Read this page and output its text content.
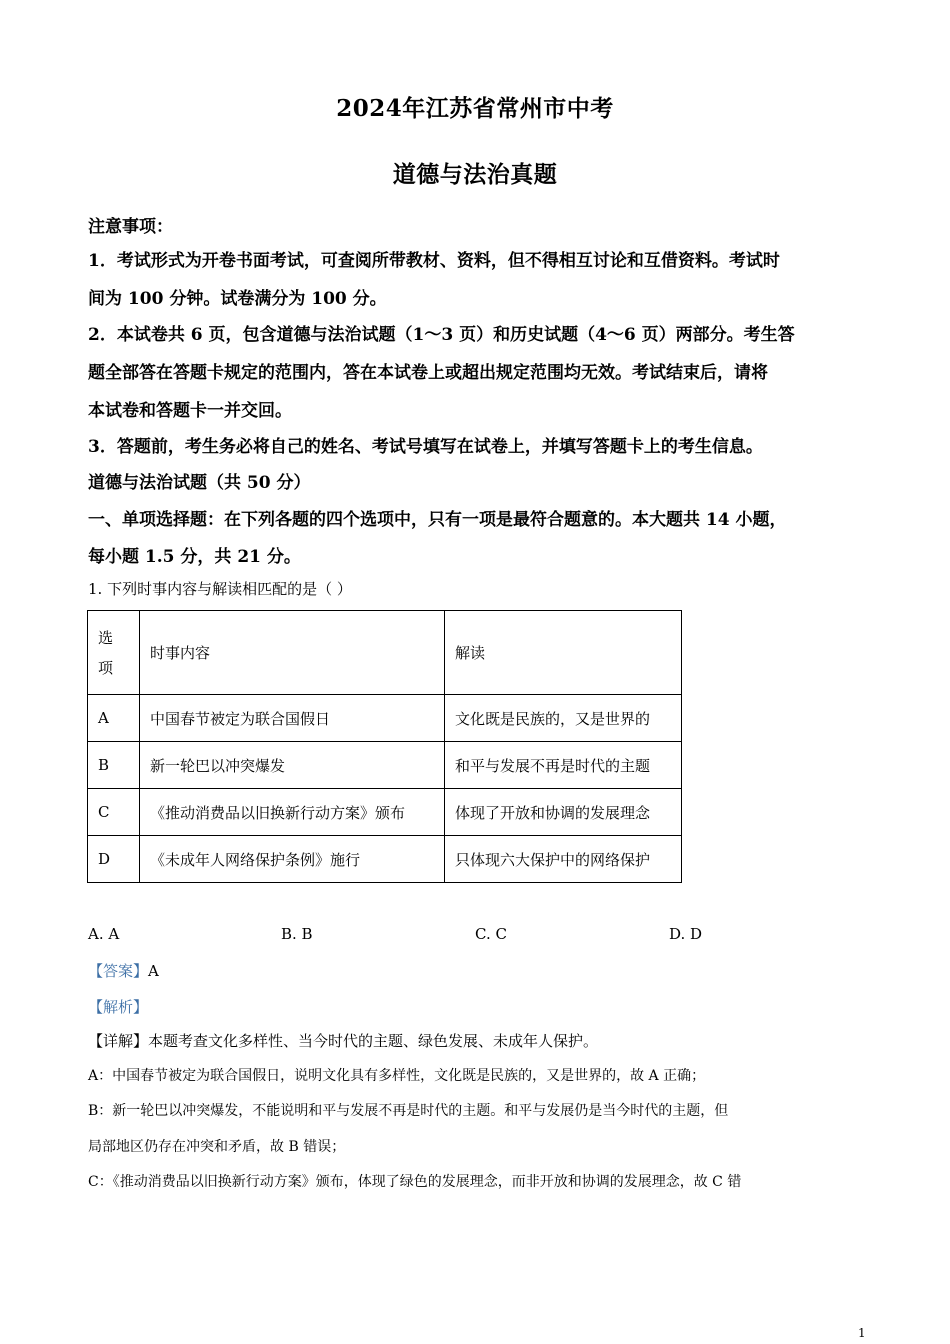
2024年江苏省常州市中考
道德与法治真题
注意事项：
1．考试形式为开卷书面考试，可查阅所带教材、资料，但不得相互讨论和互借资料。考试时
间为 100 分钟。试卷满分为 100 分。
2．本试卷共 6 页，包含道德与法治试题（1～3 页）和历史试题（4～6 页）两部分。考生答
题全部答在答题卡规定的范围内，答在本试卷上或超出规定范围均无效。考试结束后，请将
本试卷和答题卡一并交回。
3．答题前，考生务必将自己的姓名、考试号填写在试卷上，并填写答题卡上的考生信息。
道德与法治试题（共 50 分）
一、单项选择题：在下列各题的四个选项中，只有一项是最符合题意的。本大题共 14 小题，
每小题 1.5 分，共 21 分。
1. 下列时事内容与解读相匹配的是（ ）
选
项	时事内容	解读
A	中国春节被定为联合国假日	文化既是民族的，又是世界的
B	新一轮巴以冲突爆发	和平与发展不再是时代的主题
C	《推动消费品以旧换新行动方案》颁布	体现了开放和协调的发展理念
D	《未成年人网络保护条例》施行	只体现六大保护中的网络保护
A. A	B. B	C. C	D. D
【答案】A
【解析】
【详解】本题考查文化多样性、当今时代的主题、绿色发展、未成年人保护。
A：中国春节被定为联合国假日，说明文化具有多样性，文化既是民族的，又是世界的，故 A 正确；
B：新一轮巴以冲突爆发，不能说明和平与发展不再是时代的主题。和平与发展仍是当今时代的主题，但
局部地区仍存在冲突和矛盾，故 B 错误；
C：《推动消费品以旧换新行动方案》颁布，体现了绿色的发展理念，而非开放和协调的发展理念，故 C 错
1
